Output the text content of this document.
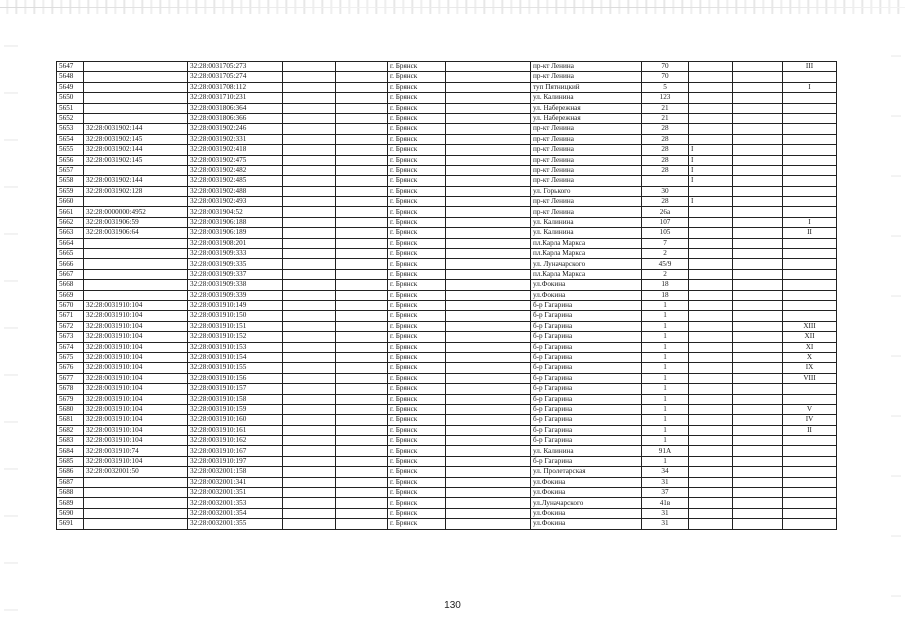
5647		32:28:0031705:273			г. Брянск		пр-кт Ленина	70			III
5648		32:28:0031705:274			г. Брянск		пр-кт Ленина	70			
5649		32:28:0031708:112			г. Брянск		туп Пятницкий	5			I
5650		32:28:0031710:231			г. Брянск		ул. Калинина	123			
5651		32:28:0031806:364			г. Брянск		ул. Набережная	21			
5652		32:28:0031806:366			г. Брянск		ул. Набережная	21			
5653	32:28:0031902:144	32:28:0031902:246			г. Брянск		пр-кт Ленина	28			
5654	32:28:0031902:145	32:28:0031902:331			г. Брянск		пр-кт Ленина	28			
5655	32:28:0031902:144	32:28:0031902:418			г. Брянск		пр-кт Ленина	28	I		
5656	32:28:0031902:145	32:28:0031902:475			г. Брянск		пр-кт Ленина	28	I		
5657		32:28:0031902:482			г. Брянск		пр-кт Ленина	28	I		
5658	32:28:0031902:144	32:28:0031902:485			г. Брянск		пр-кт Ленина		I		
5659	32:28:0031902:128	32:28:0031902:488			г. Брянск		ул. Горького	30			
5660		32:28:0031902:493			г. Брянск		пр-кт Ленина	28	I		
5661	32:28:0000000:4952	32:28:0031904:52			г. Брянск		пр-кт Ленина	26а			
5662	32:28:0031906:59	32:28:0031906:188			г. Брянск		ул. Калинина	107			I
5663	32:28:0031906:64	32:28:0031906:189			г. Брянск		ул. Калинина	105			II
5664		32:28:0031908:201			г. Брянск		пл.Карла Маркса	7			
5665		32:28:0031909:333			г. Брянск		пл.Карла Маркса	2			
5666		32:28:0031909:335			г. Брянск		ул. Луначарского	45/9			
5667		32:28:0031909:337			г. Брянск		пл.Карла Маркса	2			
5668		32:28:0031909:338			г. Брянск		ул.Фокина	18			
5669		32:28:0031909:339			г. Брянск		ул.Фокина	18			
5670	32:28:0031910:104	32:28:0031910:149			г. Брянск		б-р Гагарина	1			
5671	32:28:0031910:104	32:28:0031910:150			г. Брянск		б-р Гагарина	1			
5672	32:28:0031910:104	32:28:0031910:151			г. Брянск		б-р Гагарина	1			XIII
5673	32:28:0031910:104	32:28:0031910:152			г. Брянск		б-р Гагарина	1			XII
5674	32:28:0031910:104	32:28:0031910:153			г. Брянск		б-р Гагарина	1			XI
5675	32:28:0031910:104	32:28:0031910:154			г. Брянск		б-р Гагарина	1			X
5676	32:28:0031910:104	32:28:0031910:155			г. Брянск		б-р Гагарина	1			IX
5677	32:28:0031910:104	32:28:0031910:156			г. Брянск		б-р Гагарина	1			VIII
5678	32:28:0031910:104	32:28:0031910:157			г. Брянск		б-р Гагарина	1			
5679	32:28:0031910:104	32:28:0031910:158			г. Брянск		б-р Гагарина	1			
5680	32:28:0031910:104	32:28:0031910:159			г. Брянск		б-р Гагарина	1			V
5681	32:28:0031910:104	32:28:0031910:160			г. Брянск		б-р Гагарина	1			IV
5682	32:28:0031910:104	32:28:0031910:161			г. Брянск		б-р Гагарина	1			II
5683	32:28:0031910:104	32:28:0031910:162			г. Брянск		б-р Гагарина	1			
5684	32:28:0031910:74	32:28:0031910:167			г. Брянск		ул. Калинина	91А			
5685	32:28:0031910:104	32:28:0031910:197			г. Брянск		б-р Гагарина	1			
5686	32:28:0032001:50	32:28:0032001:158			г. Брянск		ул. Пролетарская	34			
5687		32:28:0032001:341			г. Брянск		ул.Фокина	31			
5688		32:28:0032001:351			г. Брянск		ул.Фокина	37			
5689		32:28:0032001:353			г. Брянск		ул.Луначарского	41в			
5690		32:28:0032001:354			г. Брянск		ул.Фокина	31			
5691		32:28:0032001:355			г. Брянск		ул.Фокина	31			
130
